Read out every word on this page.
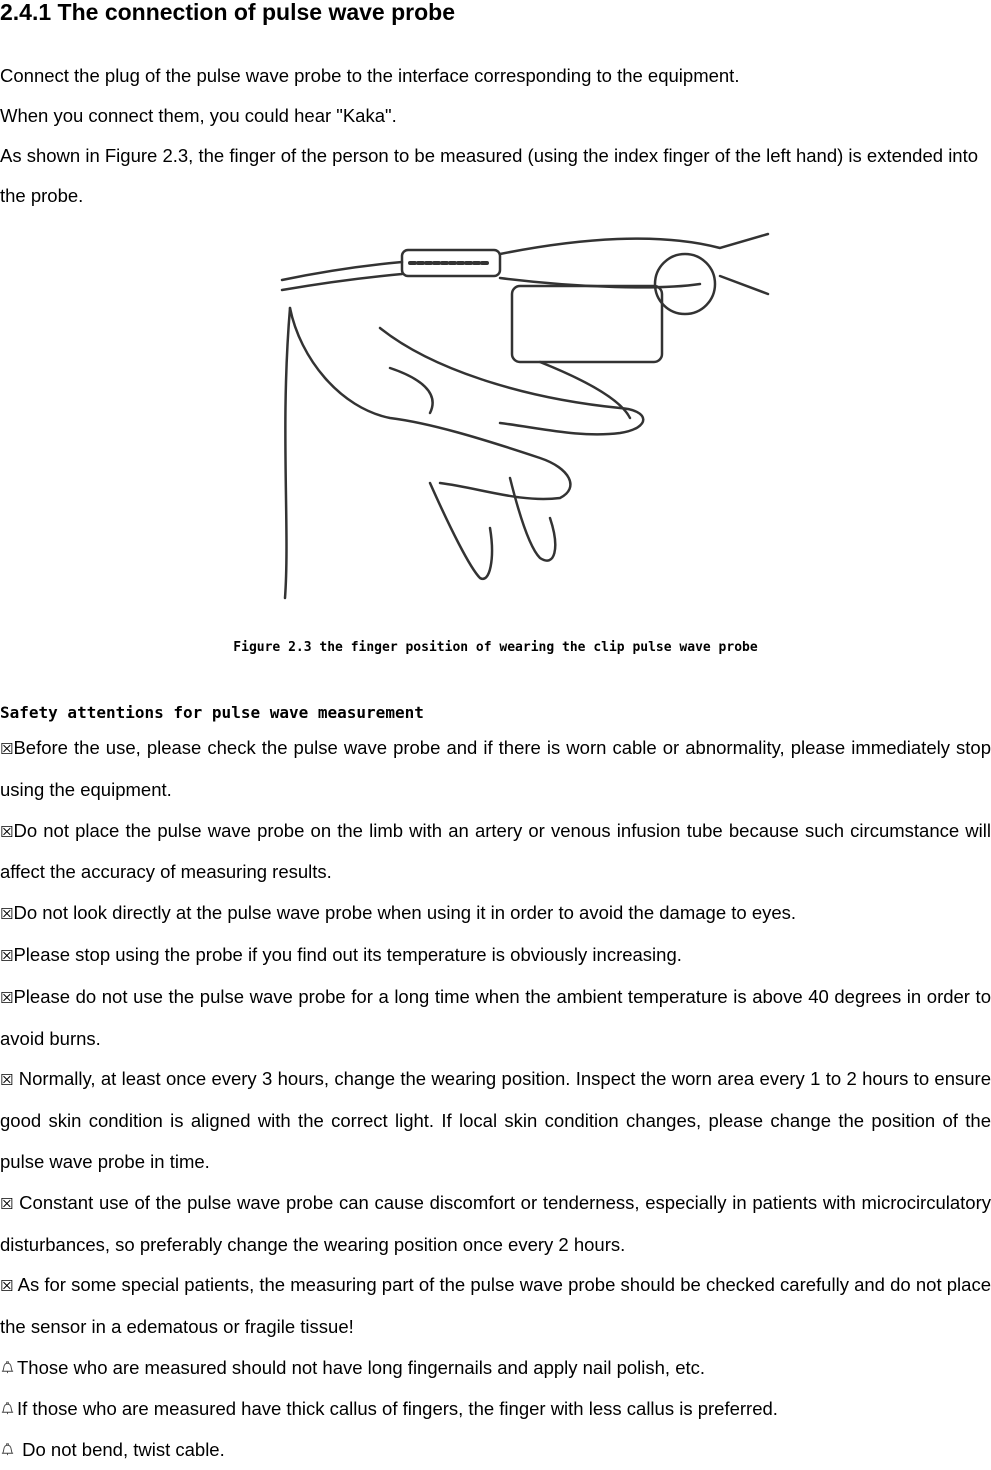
2.4.1 The connection of pulse wave probe

Connect the plug of the pulse wave probe to the interface corresponding to the equipment.

When you connect them, you could hear "Kaka".

As shown in Figure 2.3, the finger of the person to be measured (using the index finger of the left hand) is extended into the probe.

Figure 2.3 the finger position of wearing the clip pulse wave probe
Safety attentions for pulse wave measurement

☒Before the use, please check the pulse wave probe and if there is worn cable or abnormality, please immediately stop using the equipment.

☒Do not place the pulse wave probe on the limb with an artery or venous infusion tube because such circumstance will affect the accuracy of measuring results.

☒Do not look directly at the pulse wave probe when using it in order to avoid the damage to eyes.

☒Please stop using the probe if you find out its temperature is obviously increasing.

☒Please do not use the pulse wave probe for a long time when the ambient temperature is above 40 degrees in order to avoid burns.

☒ Normally, at least once every 3 hours, change the wearing position. Inspect the worn area every 1 to 2 hours to ensure good skin condition is aligned with the correct light. If local skin condition changes, please change the position of the pulse wave probe in time.

☒ Constant use of the pulse wave probe can cause discomfort or tenderness, especially in patients with microcirculatory disturbances, so preferably change the wearing position once every 2 hours.

☒ As for some special patients, the measuring part of the pulse wave probe should be checked carefully and do not place the sensor in a edematous or fragile tissue!

Those who are measured should not have long fingernails and apply nail polish, etc.

If those who are measured have thick callus of fingers, the finger with less callus is preferred.

Do not bend, twist cable.
